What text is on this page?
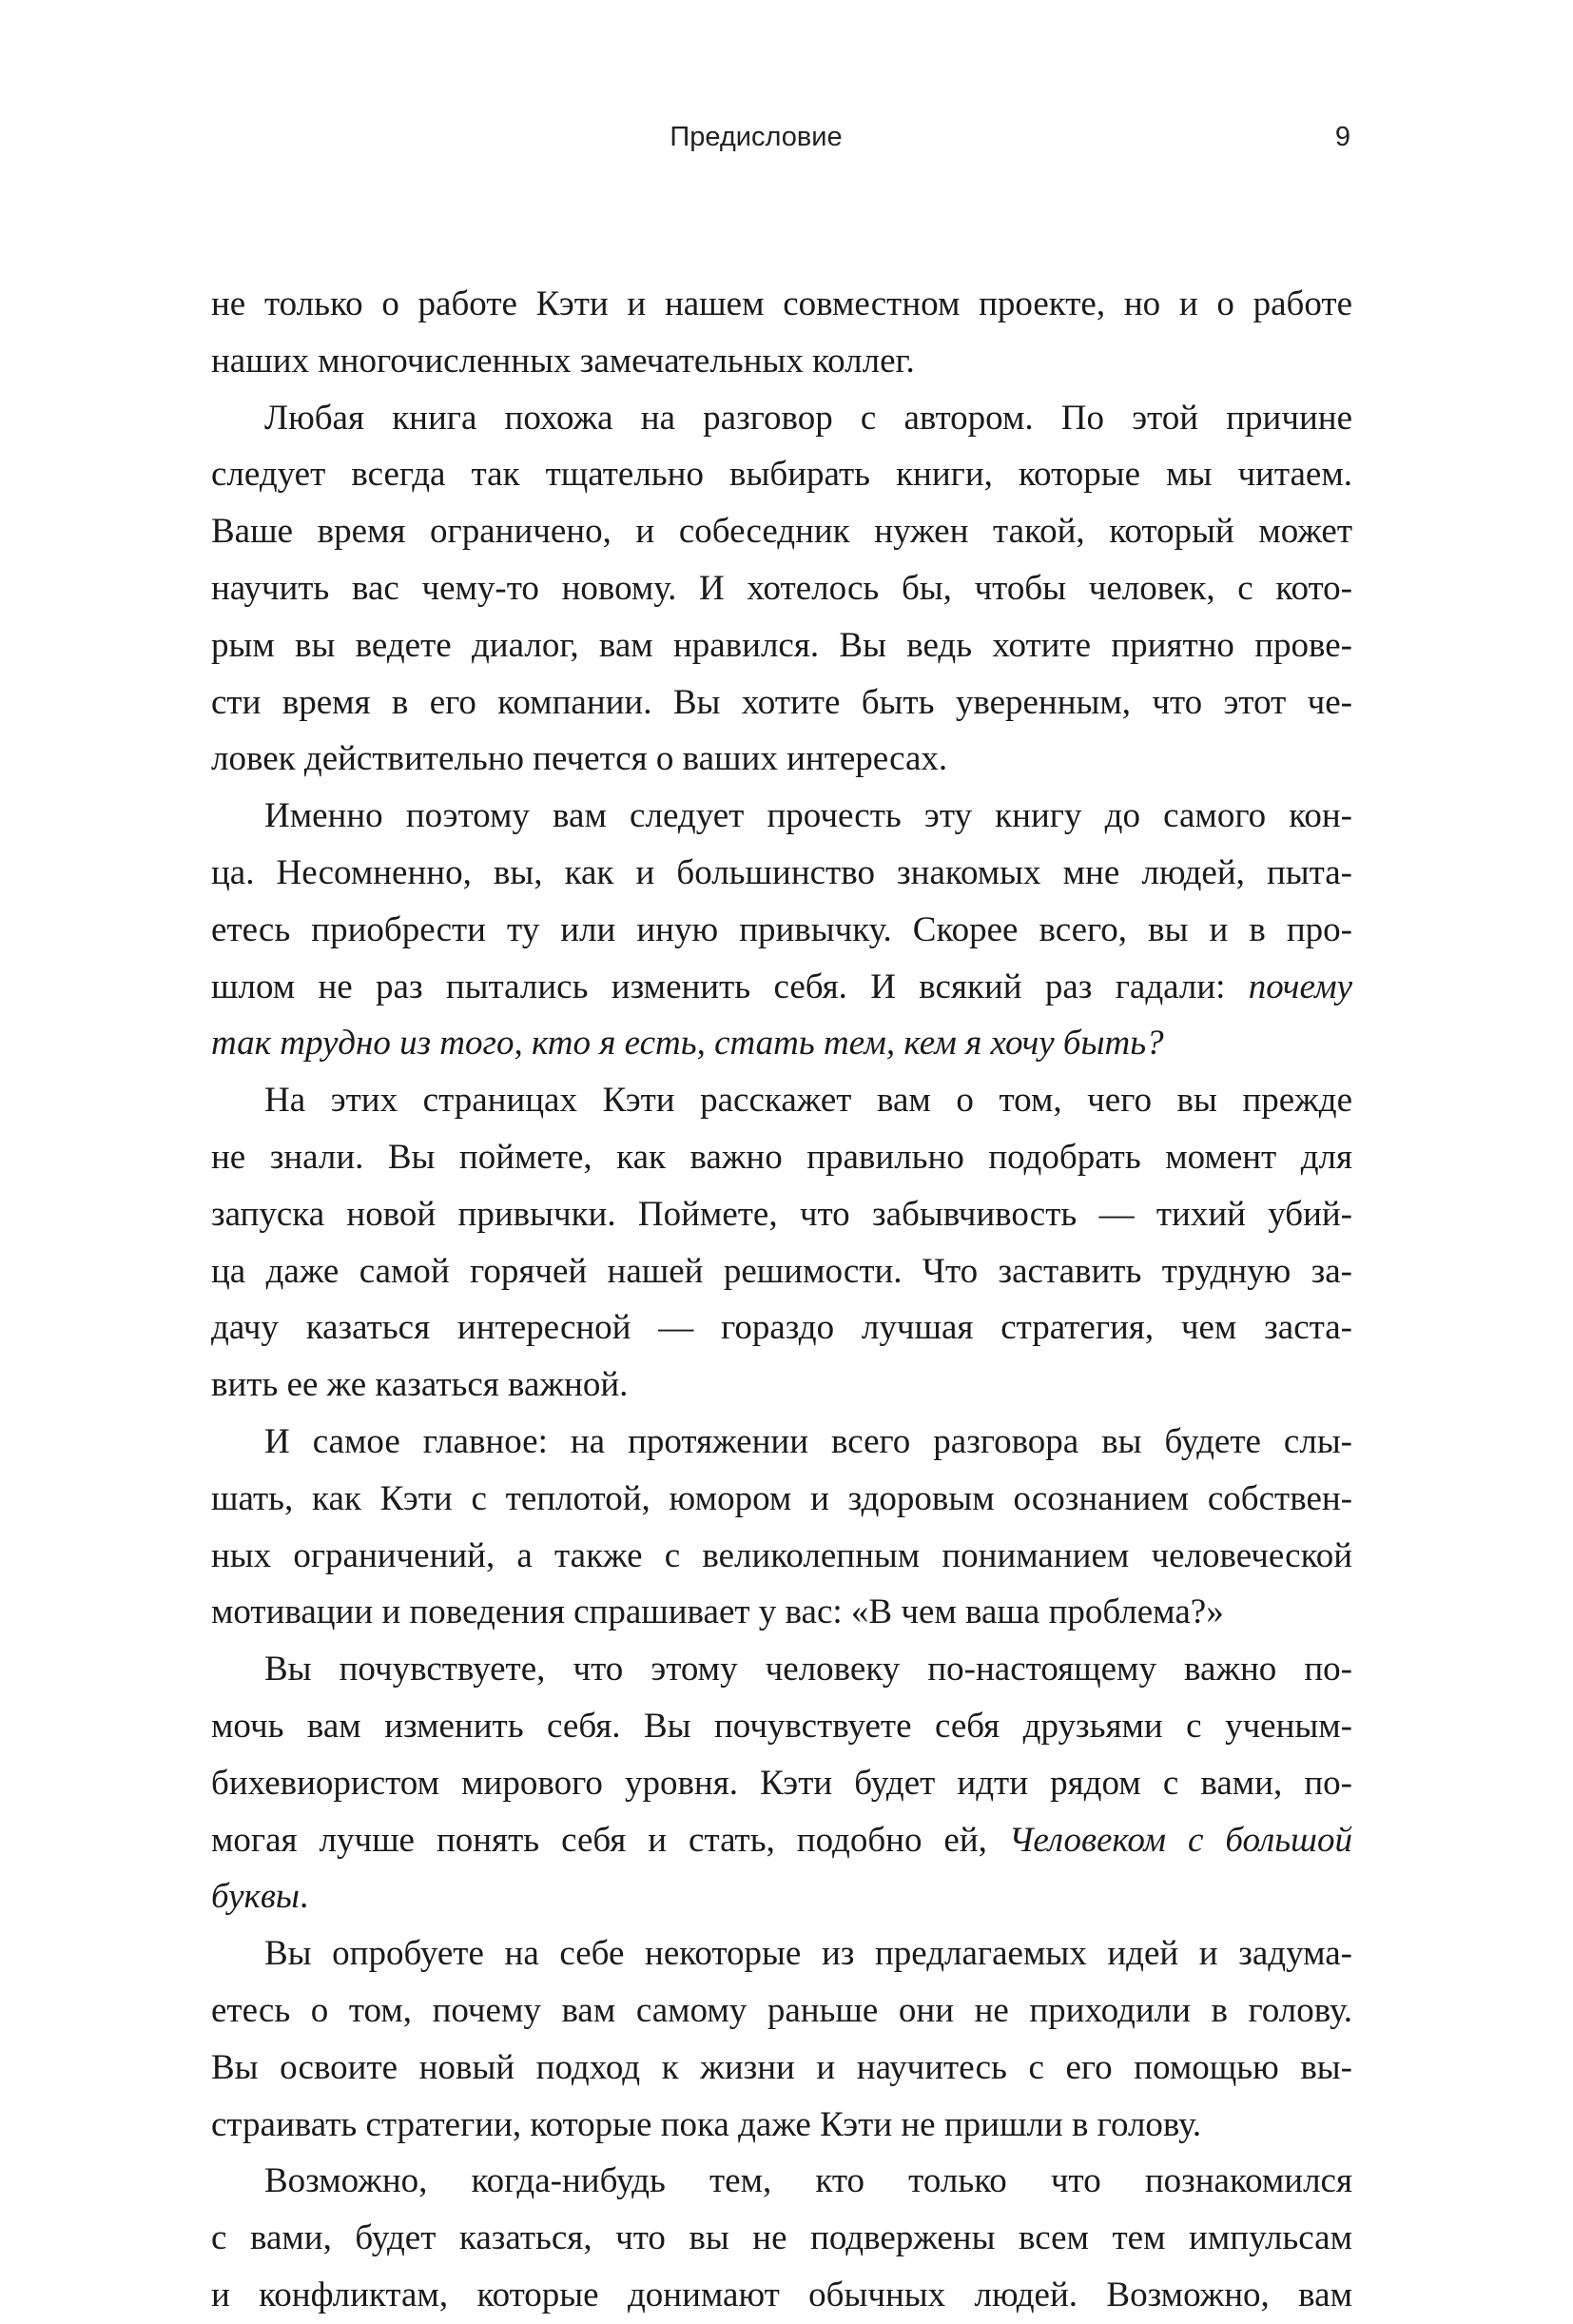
Предисловие	9
не только о работе Кэти и нашем совместном проекте, но и о работе
наших многочисленных замечательных коллег.
Любая книга похожа на разговор с автором. По этой причине
следует всегда так тщательно выбирать книги, которые мы читаем.
Ваше время ограничено, и собеседник нужен такой, который может
научить вас чему-то новому. И хотелось бы, чтобы человек, с кото-
рым вы ведете диалог, вам нравился. Вы ведь хотите приятно прове-
сти время в его компании. Вы хотите быть уверенным, что этот че-
ловек действительно печется о ваших интересах.
Именно поэтому вам следует прочесть эту книгу до самого кон-
ца. Несомненно, вы, как и большинство знакомых мне людей, пыта-
етесь приобрести ту или иную привычку. Скорее всего, вы и в про-
шлом не раз пытались изменить себя. И всякий раз гадали: почему
так трудно из того, кто я есть, стать тем, кем я хочу быть?
На этих страницах Кэти расскажет вам о том, чего вы прежде
не знали. Вы поймете, как важно правильно подобрать момент для
запуска новой привычки. Поймете, что забывчивость — тихий убий-
ца даже самой горячей нашей решимости. Что заставить трудную за-
дачу казаться интересной — гораздо лучшая стратегия, чем заста-
вить ее же казаться важной.
И самое главное: на протяжении всего разговора вы будете слы-
шать, как Кэти с теплотой, юмором и здоровым осознанием собствен-
ных ограничений, а также с великолепным пониманием человеческой
мотивации и поведения спрашивает у вас: «В чем ваша проблема?»
Вы почувствуете, что этому человеку по-настоящему важно по-
мочь вам изменить себя. Вы почувствуете себя друзьями с ученым-
бихевиористом мирового уровня. Кэти будет идти рядом с вами, по-
могая лучше понять себя и стать, подобно ей, Человеком с большой
буквы.
Вы опробуете на себе некоторые из предлагаемых идей и задума-
етесь о том, почему вам самому раньше они не приходили в голову.
Вы освоите новый подход к жизни и научитесь с его помощью вы-
страивать стратегии, которые пока даже Кэти не пришли в голову.
Возможно, когда-нибудь тем, кто только что познакомился
с вами, будет казаться, что вы не подвержены всем тем импульсам
и конфликтам, которые донимают обычных людей. Возможно, вам
